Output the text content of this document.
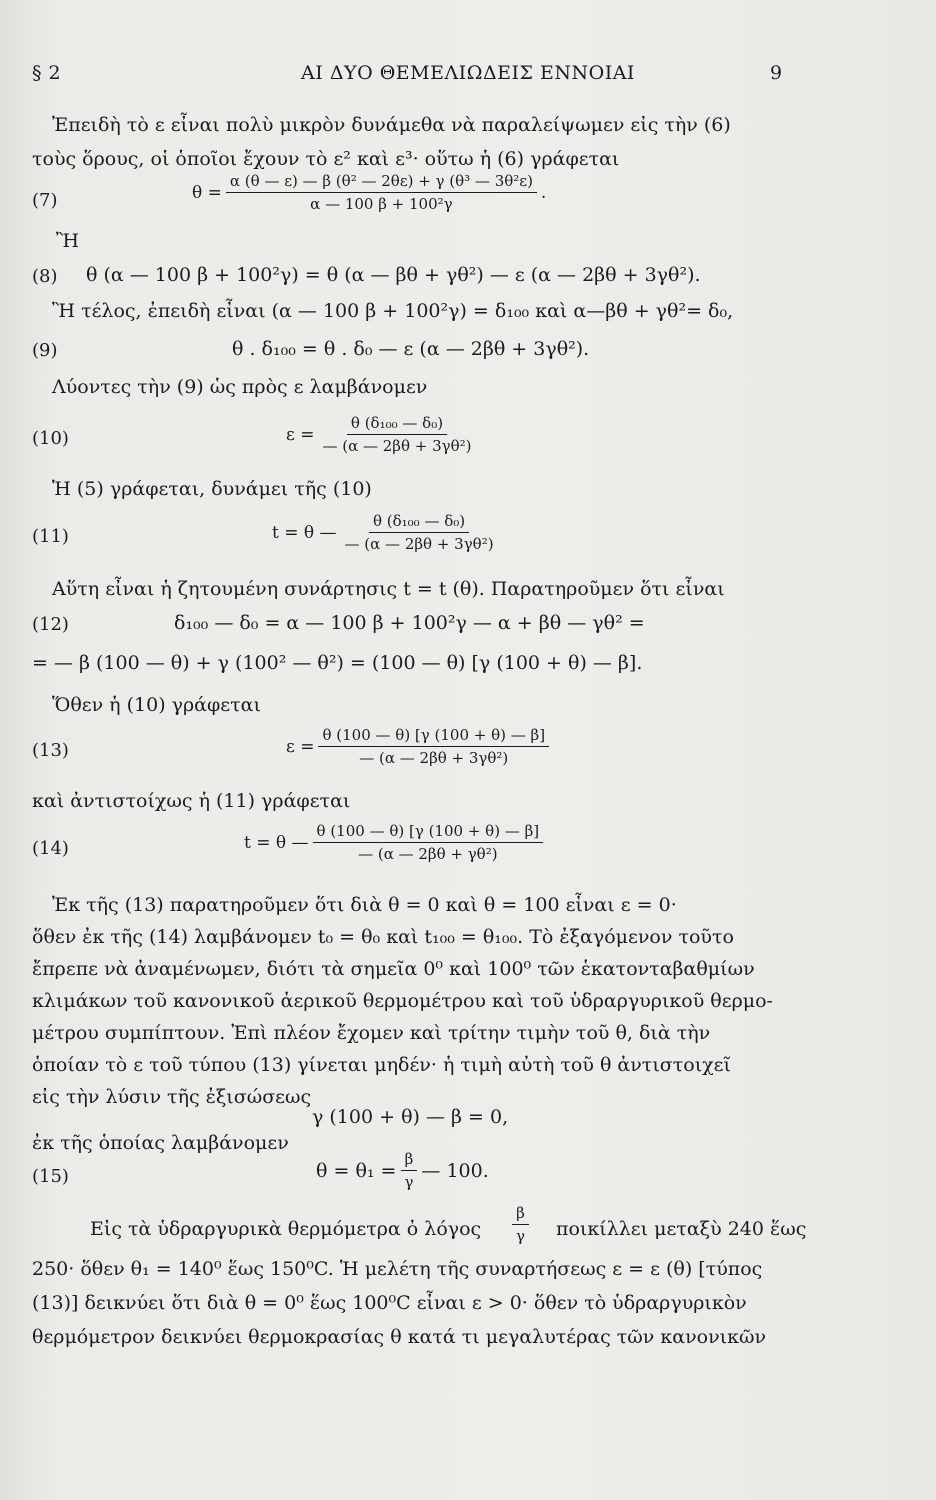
§ 2	ΑΙ ΔΥΟ ΘΕΜΕΛΙΩΔΕΙΣ ΕΝΝΟΙΑΙ	9
Ἐπειδὴ τὸ ε εἶναι πολὺ μικρὸν δυνάμεθα νὰ παραλείψωμεν εἰς τὴν (6)
τοὺς ὅρους, οἱ ὁποῖοι ἔχουν τὸ ε² καὶ ε³· οὕτω ἡ (6) γράφεται
(7)	$\theta = \frac{\text{α (θ — ε) — β (θ² — 2θε) + γ (θ³ — 3θ²ε)}}{\text{α — 100 β + 100²γ}}$ .
Ἢ
(8) θ (α — 100 β + 100²γ) = θ (α — βθ + γθ²) — ε (α — 2βθ + 3γθ²).
Ἢ τέλος, ἐπειδὴ εἶναι (α — 100 β + 100²γ) = δ₁₀₀ καὶ α—βθ + γθ²= δ₀,
(9)	θ . δ₁₀₀ = θ . δ₀ — ε (α — 2βθ + 3γθ²).
Λύοντες τὴν (9) ὡς πρὸς ε λαμβάνομεν
(10)	$\varepsilon = \frac{\text{θ (δ₁₀₀ — δ₀)}}{\text{— (α — 2βθ + 3γθ²)}}$
Ἡ (5) γράφεται, δυνάμει τῆς (10)
(11)	t = θ — $\frac{\text{θ (δ₁₀₀ — δ₀)}}{\text{— (α — 2βθ + 3γθ²)}}$
Αὕτη εἶναι ἡ ζητουμένη συνάρτησις t = t (θ). Παρατηροῦμεν ὅτι εἶναι
(12)	δ₁₀₀ — δ₀ = α — 100 β + 100²γ — α + βθ — γθ² =
= — β (100 — θ) + γ (100² — θ²) = (100 — θ) [γ (100 + θ) — β].
Ὅθεν ἡ (10) γράφεται
(13)	$\varepsilon = \frac{\theta (100 — \theta) [\gamma (100 + \theta) — \beta]}{\text{— (α — 2βθ + 3γθ²)}}$
καὶ ἀντιστοίχως ἡ (11) γράφεται
(14)	t = θ — $\frac{\theta (100 — \theta) [\gamma (100 + \theta) — \beta]}{\text{— (α — 2βθ + γθ²)}}$
Ἐκ τῆς (13) παρατηροῦμεν ὅτι διὰ θ = 0 καὶ θ = 100 εἶναι ε = 0·
ὅθεν ἐκ τῆς (14) λαμβάνομεν t₀ = θ₀ καὶ t₁₀₀ = θ₁₀₀. Τὸ ἐξαγόμενον τοῦτο
ἔπρεπε νὰ ἀναμένωμεν, διότι τὰ σημεῖα 0⁰ καὶ 100⁰ τῶν ἑκατονταβαθμίων
κλιμάκων τοῦ κανονικοῦ ἀερικοῦ θερμομέτρου καὶ τοῦ ὑδραργυρικοῦ θερμο-
μέτρου συμπίπτουν. Ἐπὶ πλέον ἔχομεν καὶ τρίτην τιμὴν τοῦ θ, διὰ τὴν
ὁποίαν τὸ ε τοῦ τύπου (13) γίνεται μηδέν· ἡ τιμὴ αὐτὴ τοῦ θ ἀντιστοιχεῖ
εἰς τὴν λύσιν τῆς ἐξισώσεως
γ (100 + θ) — β = 0,
ἐκ τῆς ὁποίας λαμβάνομεν
(15)	$\theta = \theta_1 = \frac{\beta}{\gamma}$ — 100.
Εἰς τὰ ὑδραργυρικὰ θερμόμετρα ὁ λόγος $\frac{\beta}{\gamma}$ ποικίλλει μεταξὺ 240 ἕως
250· ὅθεν θ₁ = 140⁰ ἕως 150⁰C. Ἡ μελέτη τῆς συναρτήσεως ε = ε (θ) [τύπος
(13)] δεικνύει ὅτι διὰ θ = 0⁰ ἕως 100⁰C εἶναι ε > 0· ὅθεν τὸ ὑδραργυρικὸν
θερμόμετρον δεικνύει θερμοκρασίας θ κατά τι μεγαλυτέρας τῶν κανονικῶν
